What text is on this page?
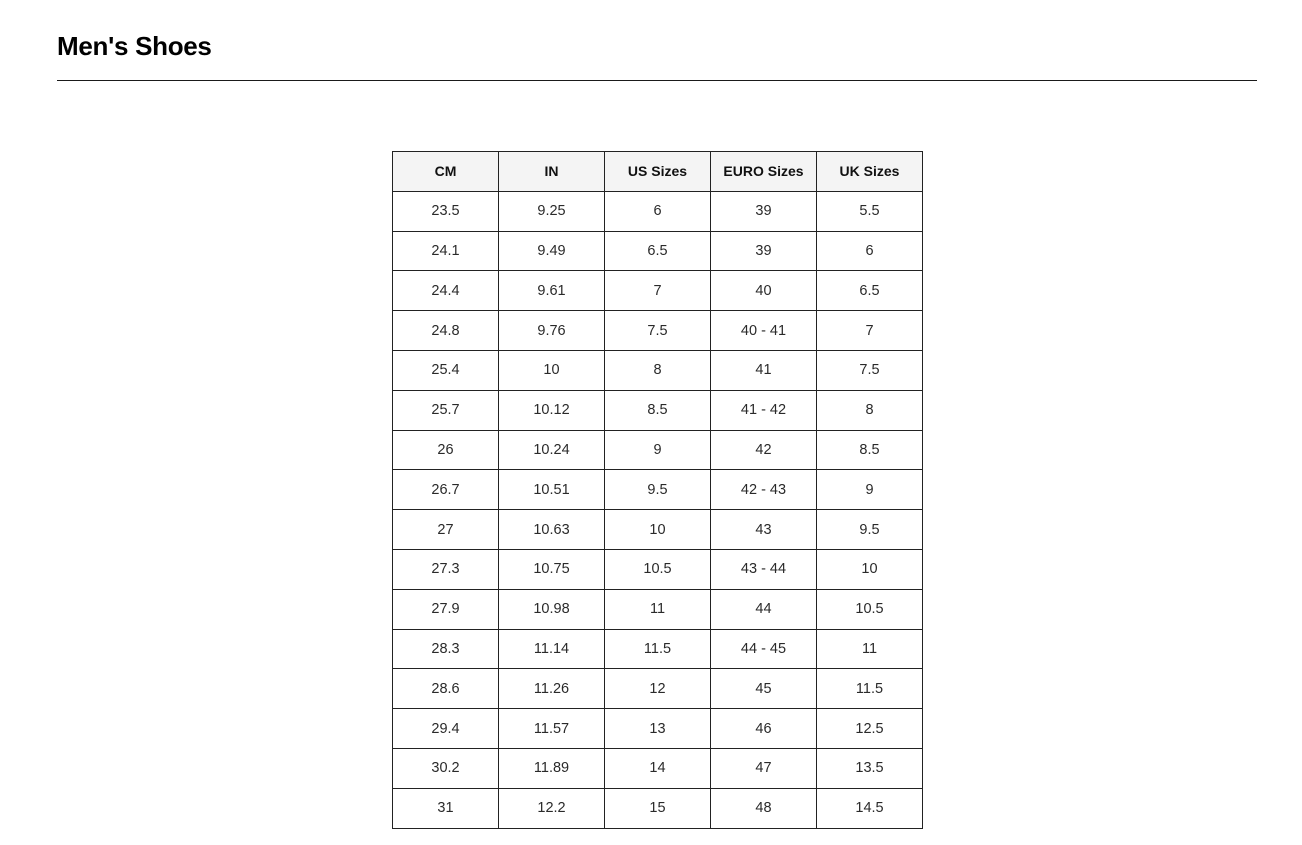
Men's Shoes
CM	IN	US Sizes	EURO Sizes	UK Sizes
23.5	9.25	6	39	5.5
24.1	9.49	6.5	39	6
24.4	9.61	7	40	6.5
24.8	9.76	7.5	40 - 41	7
25.4	10	8	41	7.5
25.7	10.12	8.5	41 - 42	8
26	10.24	9	42	8.5
26.7	10.51	9.5	42 - 43	9
27	10.63	10	43	9.5
27.3	10.75	10.5	43 - 44	10
27.9	10.98	11	44	10.5
28.3	11.14	11.5	44 - 45	11
28.6	11.26	12	45	11.5
29.4	11.57	13	46	12.5
30.2	11.89	14	47	13.5
31	12.2	15	48	14.5
